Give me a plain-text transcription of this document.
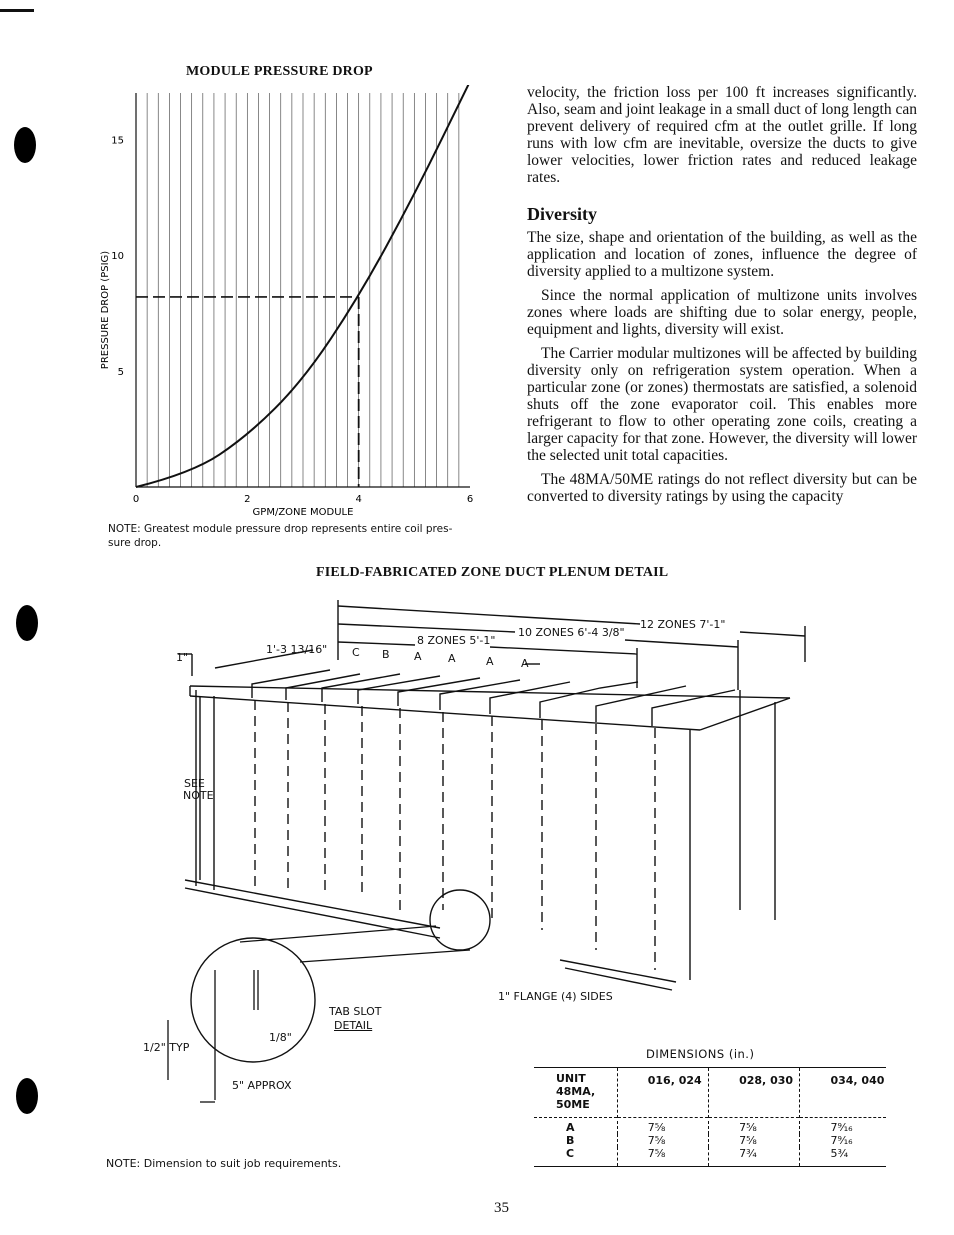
MODULE PRESSURE DROP
0	2	4	6
5
10
15
GPM/ZONE MODULE
PRESSURE DROP (PSIG)
NOTE: Greatest module pressure drop represents entire coil pres-
sure drop.

velocity, the friction loss per 100 ft increases significantly. Also, seam and joint leakage in a small duct of long length can prevent delivery of required cfm at the outlet grille. If long runs with low cfm are inevitable, oversize the ducts to give lower velocities, lower friction rates and reduced leakage rates.

Diversity

The size, shape and orientation of the building, as well as the application and location of zones, influence the degree of diversity applied to a multizone system.

Since the normal application of multizone units involves zones where loads are shifting due to solar energy, people, equipment and lights, diversity will exist.

The Carrier modular multizones will be affected by building diversity only on refrigeration system operation. When a particular zone (or zones) thermostats are satisfied, a solenoid shuts off the zone evaporator coil. This enables more refrigerant to flow to other operating zone coils, creating a larger capacity for that zone. However, the diversity will lower the selected unit total capacities.

The 48MA/50ME ratings do not reflect diversity but can be converted to diversity ratings by using the capacity

FIELD-FABRICATED ZONE DUCT PLENUM DETAIL
12 ZONES 7'-1"
10 ZONES 6'-4 3/8"
8 ZONES 5'-1"
1"
1'-3 13/16" C B A A	A A
SEE
NOTE
1" FLANGE (4) SIDES
TAB SLOT
DETAIL
1/2" TYP
1/8"
5" APPROX
NOTE: Dimension to suit job requirements.
DIMENSIONS (in.)
UNIT 48MA, 50ME	016, 024	028, 030	034, 040

A	7⅝	7⅝	7⁹⁄₁₆
B	7⅝	7⅝	7⁹⁄₁₆
C	7⅝	7¾	5¾
35
